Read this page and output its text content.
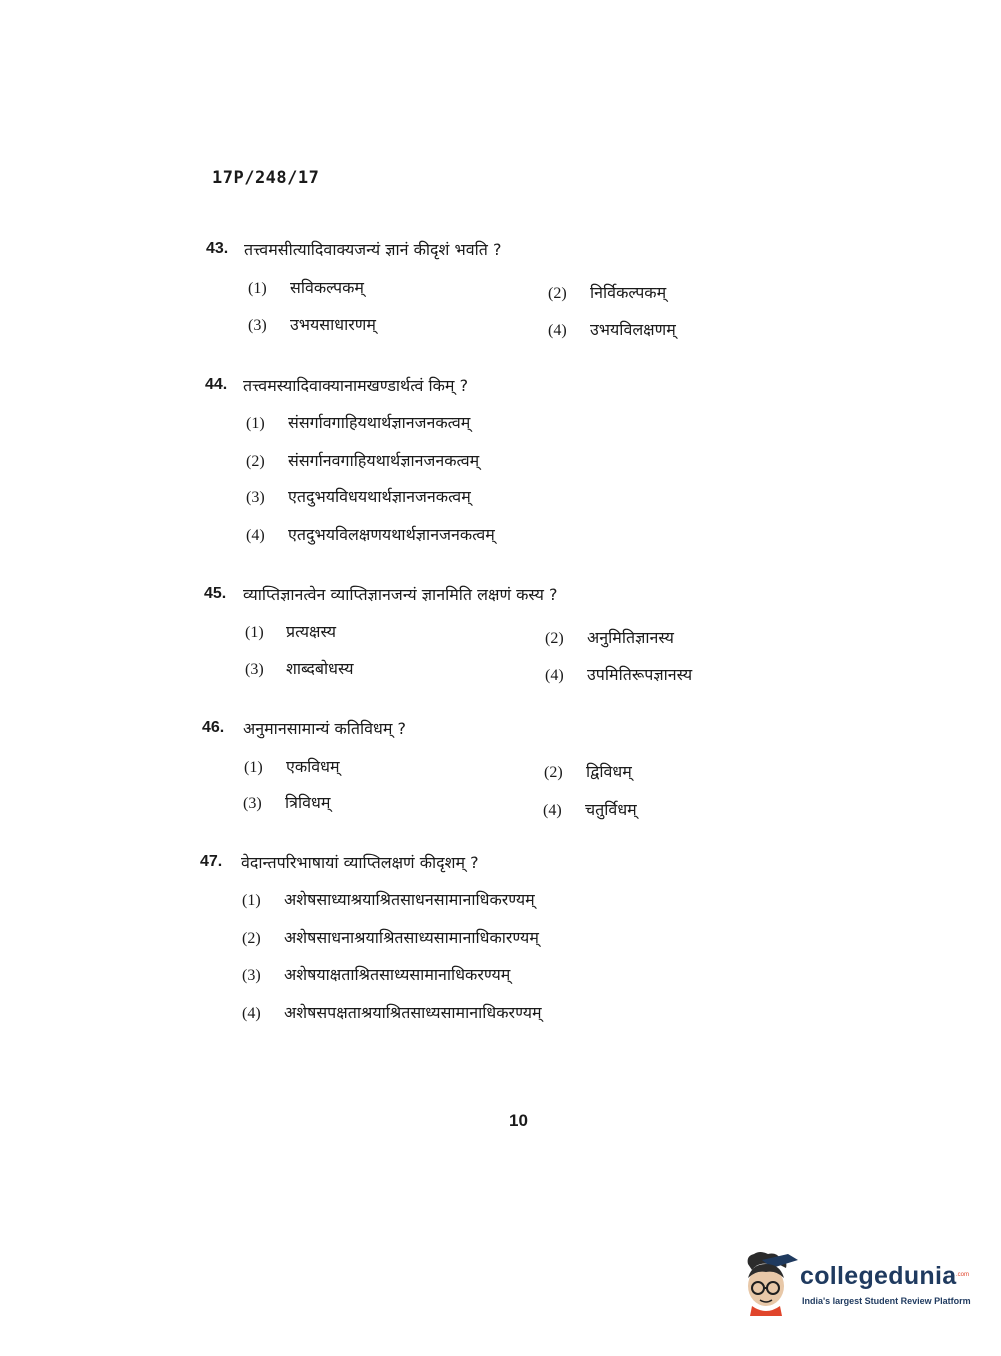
17P/248/17
43. तत्त्वमसीत्यादिवाक्यजन्यं ज्ञानं कीदृशं भवति ?
(1) सविकल्पकम्	(2) निर्विकल्पकम्
(3) उभयसाधारणम्	(4) उभयविलक्षणम्
44. तत्त्वमस्यादिवाक्यानामखण्डार्थत्वं किम् ?
(1) संसर्गावगाहियथार्थज्ञानजनकत्वम्
(2) संसर्गानवगाहियथार्थज्ञानजनकत्वम्
(3) एतदुभयविधयथार्थज्ञानजनकत्वम्
(4) एतदुभयविलक्षणयथार्थज्ञानजनकत्वम्
45. व्याप्तिज्ञानत्वेन व्याप्तिज्ञानजन्यं ज्ञानमिति लक्षणं कस्य ?
(1) प्रत्यक्षस्य	(2) अनुमितिज्ञानस्य
(3) शाब्दबोधस्य	(4) उपमितिरूपज्ञानस्य
46. अनुमानसामान्यं कतिविधम् ?
(1) एकविधम्	(2) द्विविधम्
(3) त्रिविधम्	(4) चतुर्विधम्
47. वेदान्तपरिभाषायां व्याप्तिलक्षणं कीदृशम् ?
(1) अशेषसाध्याश्रयाश्रितसाधनसामानाधिकरण्यम्
(2) अशेषसाधनाश्रयाश्रितसाध्यसामानाधिकारण्यम्
(3) अशेषयाक्षताश्रितसाध्यसामानाधिकरण्यम्
(4) अशेषसपक्षताश्रयाश्रितसाध्यसामानाधिकरण्यम्
10
collegedunia .com
India's largest Student Review Platform
